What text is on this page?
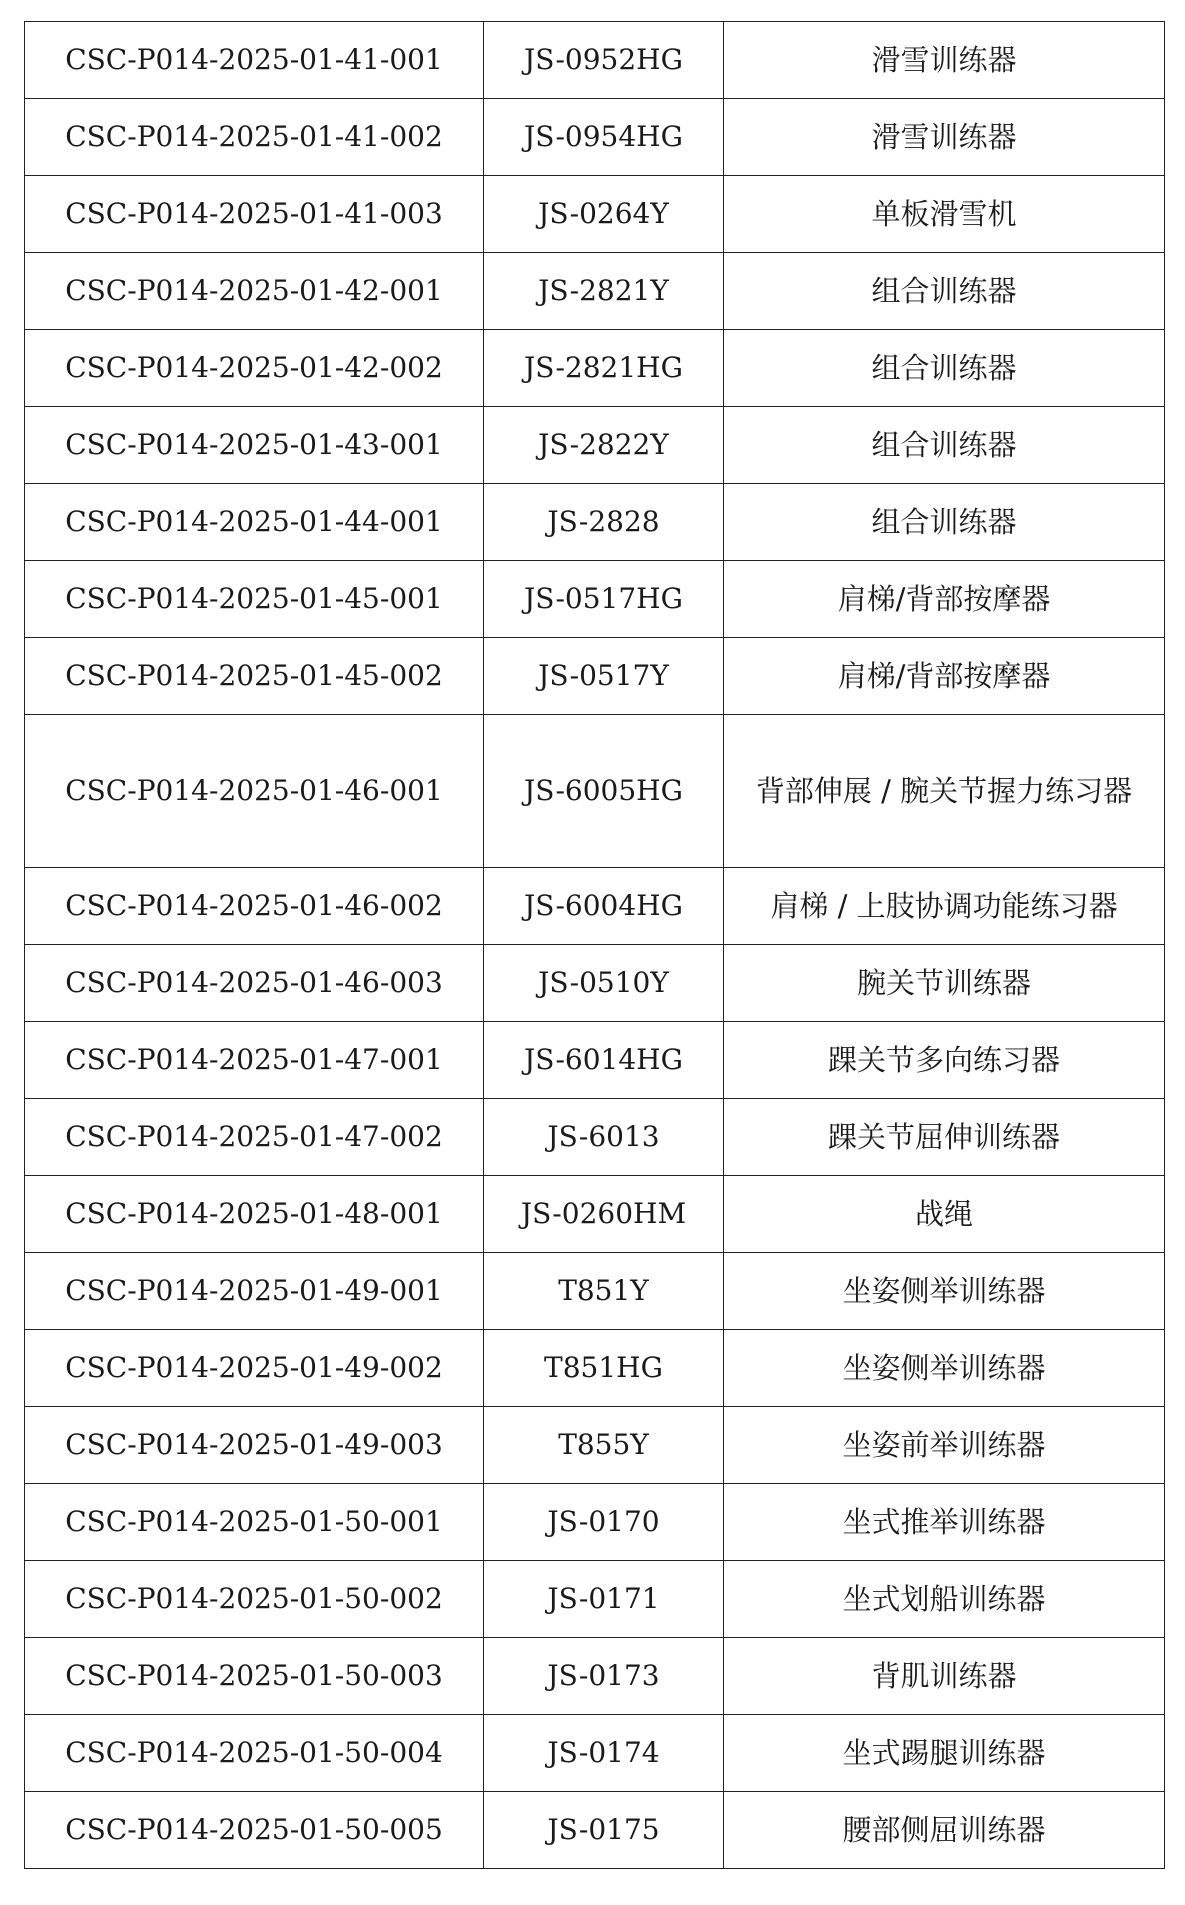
CSC-P014-2025-01-41-001	JS-0952HG	滑雪训练器
CSC-P014-2025-01-41-002	JS-0954HG	滑雪训练器
CSC-P014-2025-01-41-003	JS-0264Y	单板滑雪机
CSC-P014-2025-01-42-001	JS-2821Y	组合训练器
CSC-P014-2025-01-42-002	JS-2821HG	组合训练器
CSC-P014-2025-01-43-001	JS-2822Y	组合训练器
CSC-P014-2025-01-44-001	JS-2828	组合训练器
CSC-P014-2025-01-45-001	JS-0517HG	肩梯/背部按摩器
CSC-P014-2025-01-45-002	JS-0517Y	肩梯/背部按摩器
CSC-P014-2025-01-46-001	JS-6005HG	背部伸展 / 腕关节握力练习器
CSC-P014-2025-01-46-002	JS-6004HG	肩梯 / 上肢协调功能练习器
CSC-P014-2025-01-46-003	JS-0510Y	腕关节训练器
CSC-P014-2025-01-47-001	JS-6014HG	踝关节多向练习器
CSC-P014-2025-01-47-002	JS-6013	踝关节屈伸训练器
CSC-P014-2025-01-48-001	JS-0260HM	战绳
CSC-P014-2025-01-49-001	T851Y	坐姿侧举训练器
CSC-P014-2025-01-49-002	T851HG	坐姿侧举训练器
CSC-P014-2025-01-49-003	T855Y	坐姿前举训练器
CSC-P014-2025-01-50-001	JS-0170	坐式推举训练器
CSC-P014-2025-01-50-002	JS-0171	坐式划船训练器
CSC-P014-2025-01-50-003	JS-0173	背肌训练器
CSC-P014-2025-01-50-004	JS-0174	坐式踢腿训练器
CSC-P014-2025-01-50-005	JS-0175	腰部侧屈训练器
